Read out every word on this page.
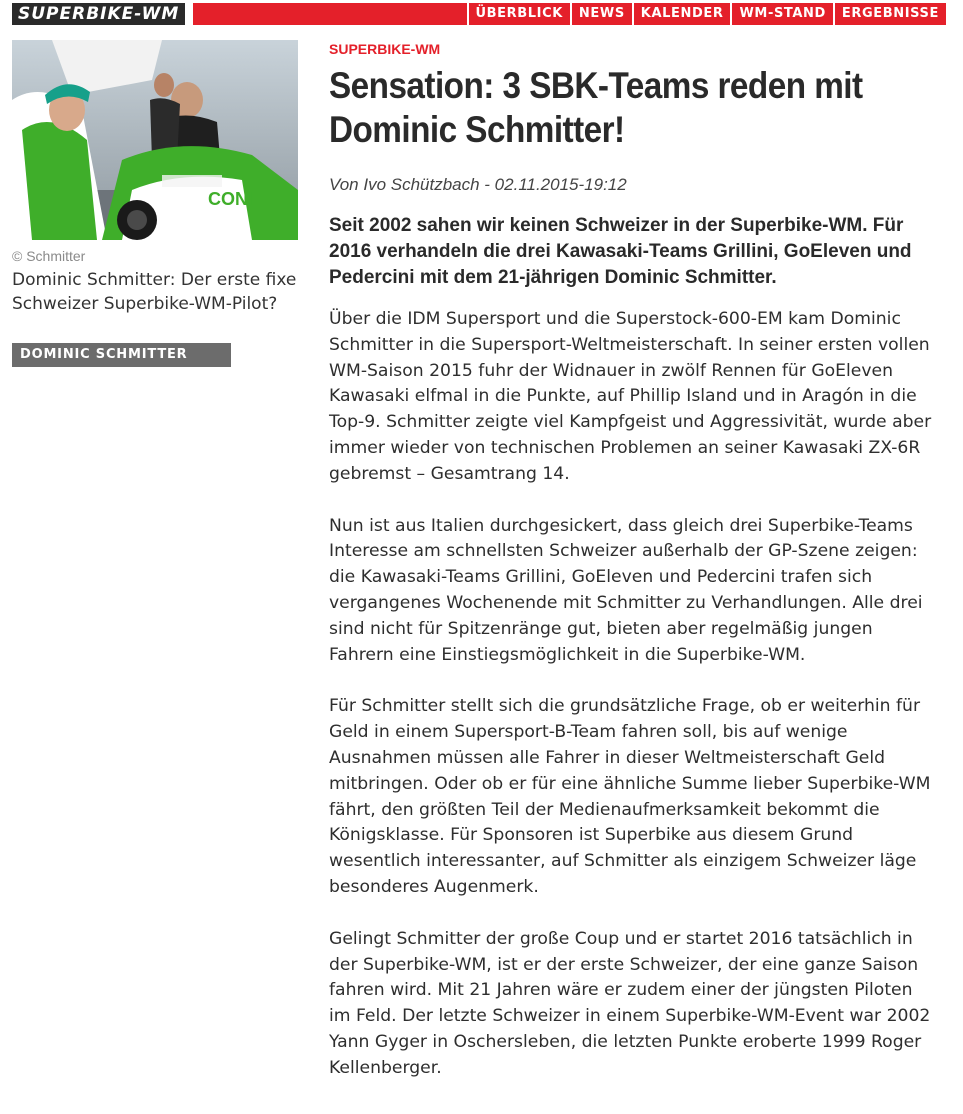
SUPERBIKE-WM	ÜBERBLICK	NEWS	KALENDER	WM-STAND	ERGEBNISSE
CONI
© Schmitter
Dominic Schmitter: Der erste fixe Schweizer Superbike-WM-Pilot?
DOMINIC SCHMITTER
SUPERBIKE-WM
Sensation: 3 SBK-Teams reden mit Dominic Schmitter!
Von Ivo Schützbach - 02.11.2015-19:12
Seit 2002 sahen wir keinen Schweizer in der Superbike-WM. Für 2016 verhandeln die drei Kawasaki-Teams Grillini, GoEleven und Pedercini mit dem 21-jährigen Dominic Schmitter.

Über die IDM Supersport und die Superstock-600-EM kam Dominic Schmitter in die Supersport-Weltmeisterschaft. In seiner ersten vollen WM-Saison 2015 fuhr der Widnauer in zwölf Rennen für GoEleven Kawasaki elfmal in die Punkte, auf Phillip Island und in Aragón in die Top-9. Schmitter zeigte viel Kampfgeist und Aggressivität, wurde aber immer wieder von technischen Problemen an seiner Kawasaki ZX-6R gebremst – Gesamtrang 14.

Nun ist aus Italien durchgesickert, dass gleich drei Superbike-Teams Interesse am schnellsten Schweizer außerhalb der GP-Szene zeigen: die Kawasaki-Teams Grillini, GoEleven und Pedercini trafen sich vergangenes Wochenende mit Schmitter zu Verhandlungen. Alle drei sind nicht für Spitzenränge gut, bieten aber regelmäßig jungen Fahrern eine Einstiegsmöglichkeit in die Superbike-WM.

Für Schmitter stellt sich die grundsätzliche Frage, ob er weiterhin für Geld in einem Supersport-B-Team fahren soll, bis auf wenige Ausnahmen müssen alle Fahrer in dieser Weltmeisterschaft Geld mitbringen. Oder ob er für eine ähnliche Summe lieber Superbike-WM fährt, den größten Teil der Medienaufmerksamkeit bekommt die Königsklasse. Für Sponsoren ist Superbike aus diesem Grund wesentlich interessanter, auf Schmitter als einzigem Schweizer läge besonderes Augenmerk.

Gelingt Schmitter der große Coup und er startet 2016 tatsächlich in der Superbike-WM, ist er der erste Schweizer, der eine ganze Saison fahren wird. Mit 21 Jahren wäre er zudem einer der jüngsten Piloten im Feld. Der letzte Schweizer in einem Superbike-WM-Event war 2002 Yann Gyger in Oschersleben, die letzten Punkte eroberte 1999 Roger Kellenberger.
